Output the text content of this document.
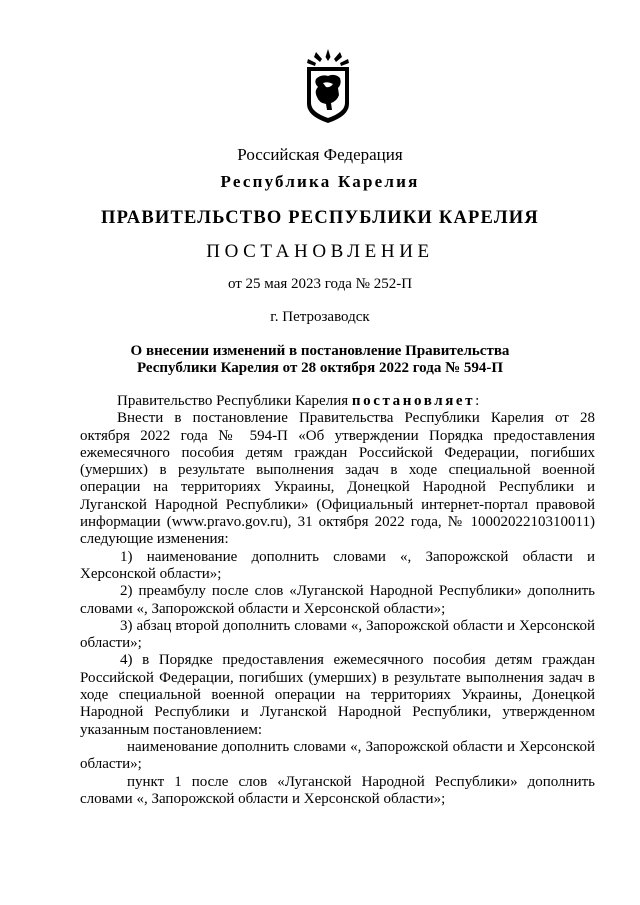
Российская Федерация
Республика Карелия
ПРАВИТЕЛЬСТВО РЕСПУБЛИКИ КАРЕЛИЯ
ПОСТАНОВЛЕНИЕ
от 25 мая 2023 года № 252-П
г. Петрозаводск
О внесении изменений в постановление Правительства
Республики Карелия от 28 октября 2022 года № 594-П

Правительство Республики Карелия постановляет:

Внести в постановление Правительства Республики Карелия от 28 октября 2022 года № 594-П «Об утверждении Порядка предоставления ежемесячного пособия детям граждан Российской Федерации, погибших (умерших) в результате выполнения задач в ходе специальной военной операции на территориях Украины, Донецкой Народной Республики и Луганской Народной Республики» (Официальный интернет-портал правовой информации (www.pravo.gov.ru), 31 октября 2022 года, № 1000202210310011) следующие изменения:

1) наименование дополнить словами «, Запорожской области и Херсонской области»;

2) преамбулу после слов «Луганской Народной Республики» дополнить словами «, Запорожской области и Херсонской области»;

3) абзац второй дополнить словами «, Запорожской области и Херсонской области»;

4) в Порядке предоставления ежемесячного пособия детям граждан Российской Федерации, погибших (умерших) в результате выполнения задач в ходе специальной военной операции на территориях Украины, Донецкой Народной Республики и Луганской Народной Республики, утвержденном указанным постановлением:

наименование дополнить словами «, Запорожской области и Херсонской области»;

пункт 1 после слов «Луганской Народной Республики» дополнить словами «, Запорожской области и Херсонской области»;
